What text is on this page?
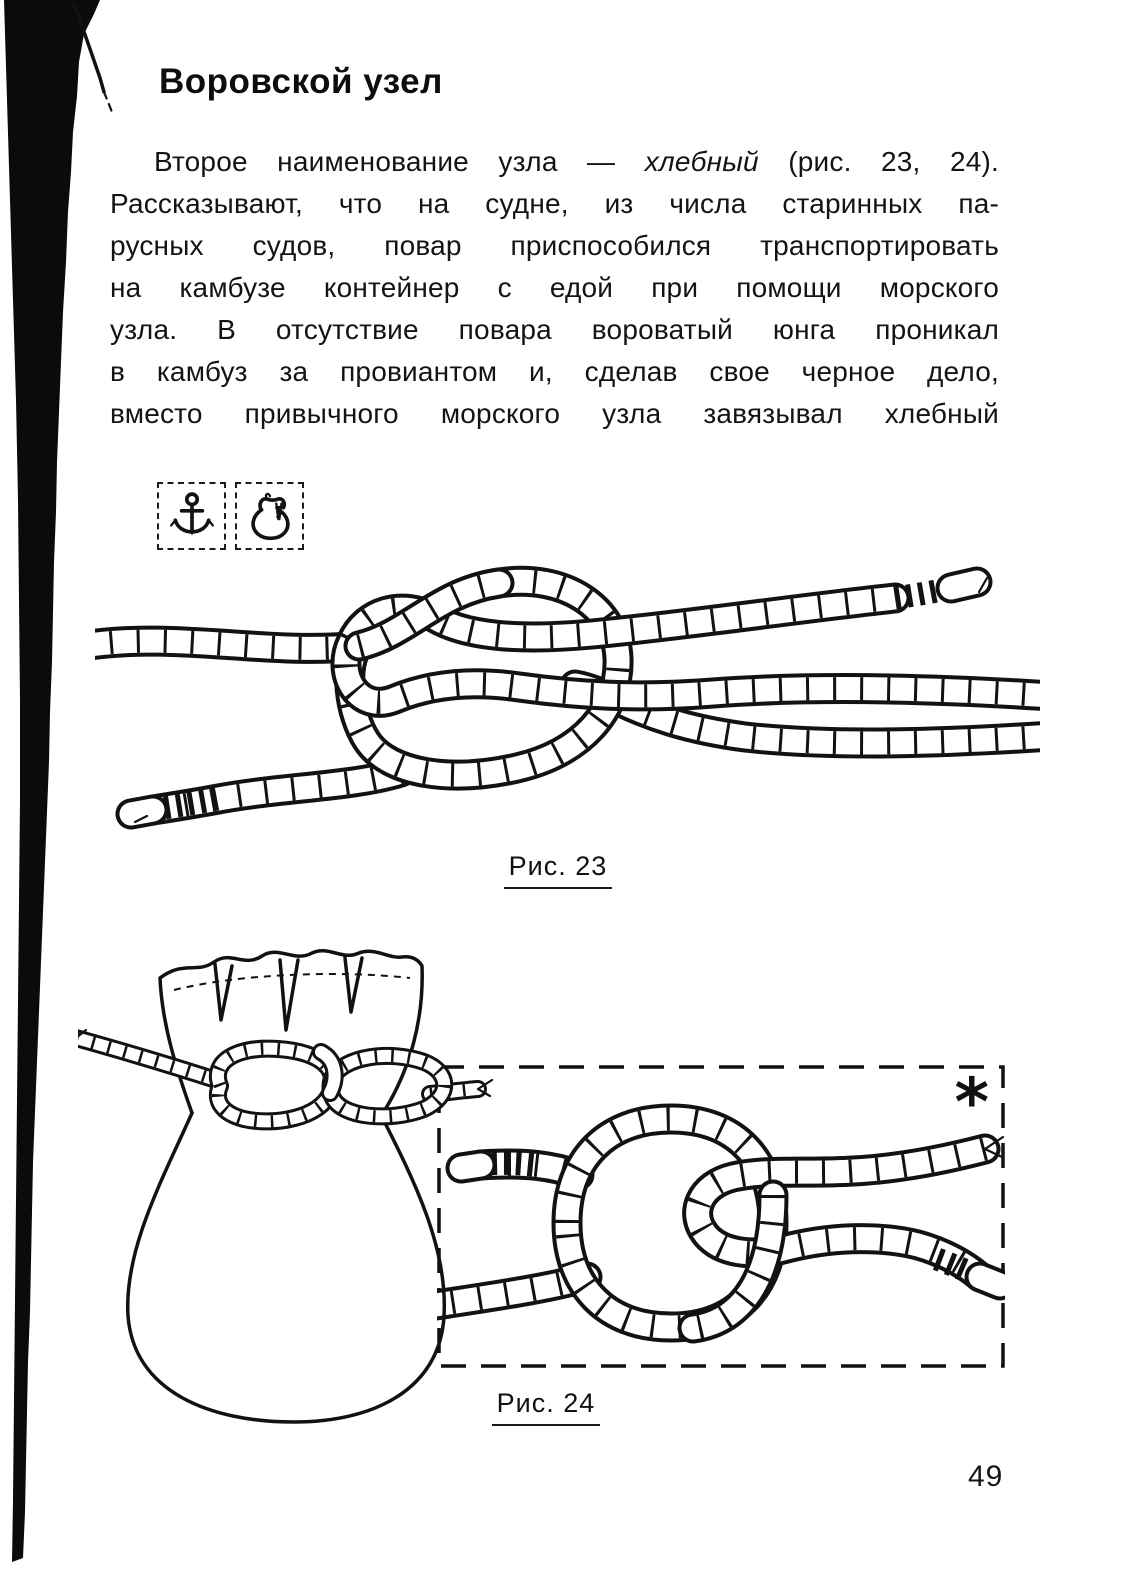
Воровской узел
Второе наименование узла — хлебный (рис. 23, 24).
Рассказывают, что на судне, из числа старинных па-
русных судов, повар приспособился транспортировать
на камбузе контейнер с едой при помощи морского
узла. В отсутствие повара вороватый юнга проникал
в камбуз за провиантом и, сделав свое черное дело,
вместо привычного морского узла завязывал хлебный
Рис. 23
*
Рис. 24
49
